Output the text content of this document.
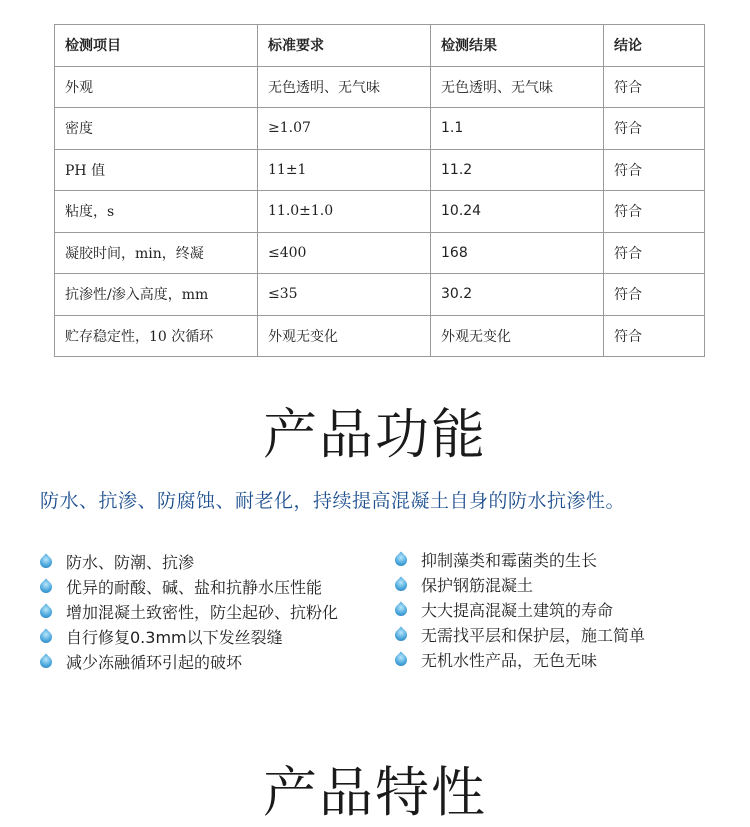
检测项目	标准要求	检测结果	结论
外观	无色透明、无气味	无色透明、无气味	符合
密度	≥1.07	1.1	符合
PH 值	11±1	11.2	符合
粘度，s	11.0±1.0	10.24	符合
凝胶时间，min，终凝	≤400	168	符合
抗渗性/渗入高度，mm	≤35	30.2	符合
贮存稳定性，10 次循环	外观无变化	外观无变化	符合
产品功能
防水、抗渗、防腐蚀、耐老化，持续提高混凝土自身的防水抗渗性。
防水、防潮、抗渗
优异的耐酸、碱、盐和抗静水压性能
增加混凝土致密性，防尘起砂、抗粉化
自行修复0.3mm以下发丝裂缝
减少冻融循环引起的破坏
抑制藻类和霉菌类的生长
保护钢筋混凝土
大大提高混凝土建筑的寿命
无需找平层和保护层，施工简单
无机水性产品，无色无味
产品特性
